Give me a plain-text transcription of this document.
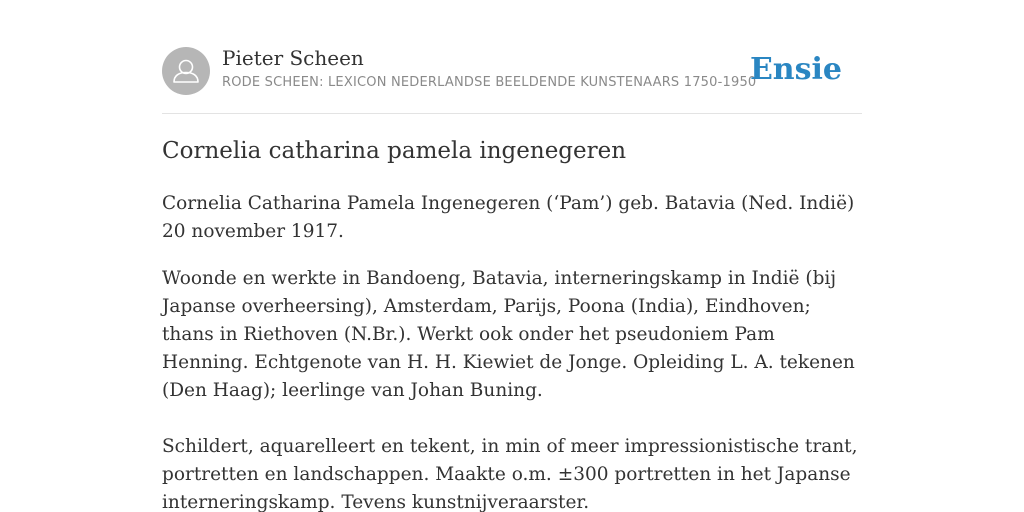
Pieter Scheen
RODE SCHEEN: LEXICON NEDERLANDSE BEELDENDE KUNSTENAARS 1750-1950
Ensie
Cornelia catharina pamela ingenegeren

Cornelia Catharina Pamela Ingenegeren (‘Pam’) geb. Batavia (Ned. Indië) 20 november 1917.

Woonde en werkte in Bandoeng, Batavia, interneringskamp in Indië (bij Japanse overheersing), Amsterdam, Parijs, Poona (India), Eindhoven; thans in Riethoven (N.Br.). Werkt ook onder het pseudoniem Pam Henning. Echtgenote van H. H. Kiewiet de Jonge. Opleiding L. A. tekenen (Den Haag); leerlinge van Johan Buning.

Schildert, aquarelleert en tekent, in min of meer impressionistische trant, portretten en landschappen. Maakte o.m. ±300 portretten in het Japanse interneringskamp. Tevens kunstnijveraarster.
